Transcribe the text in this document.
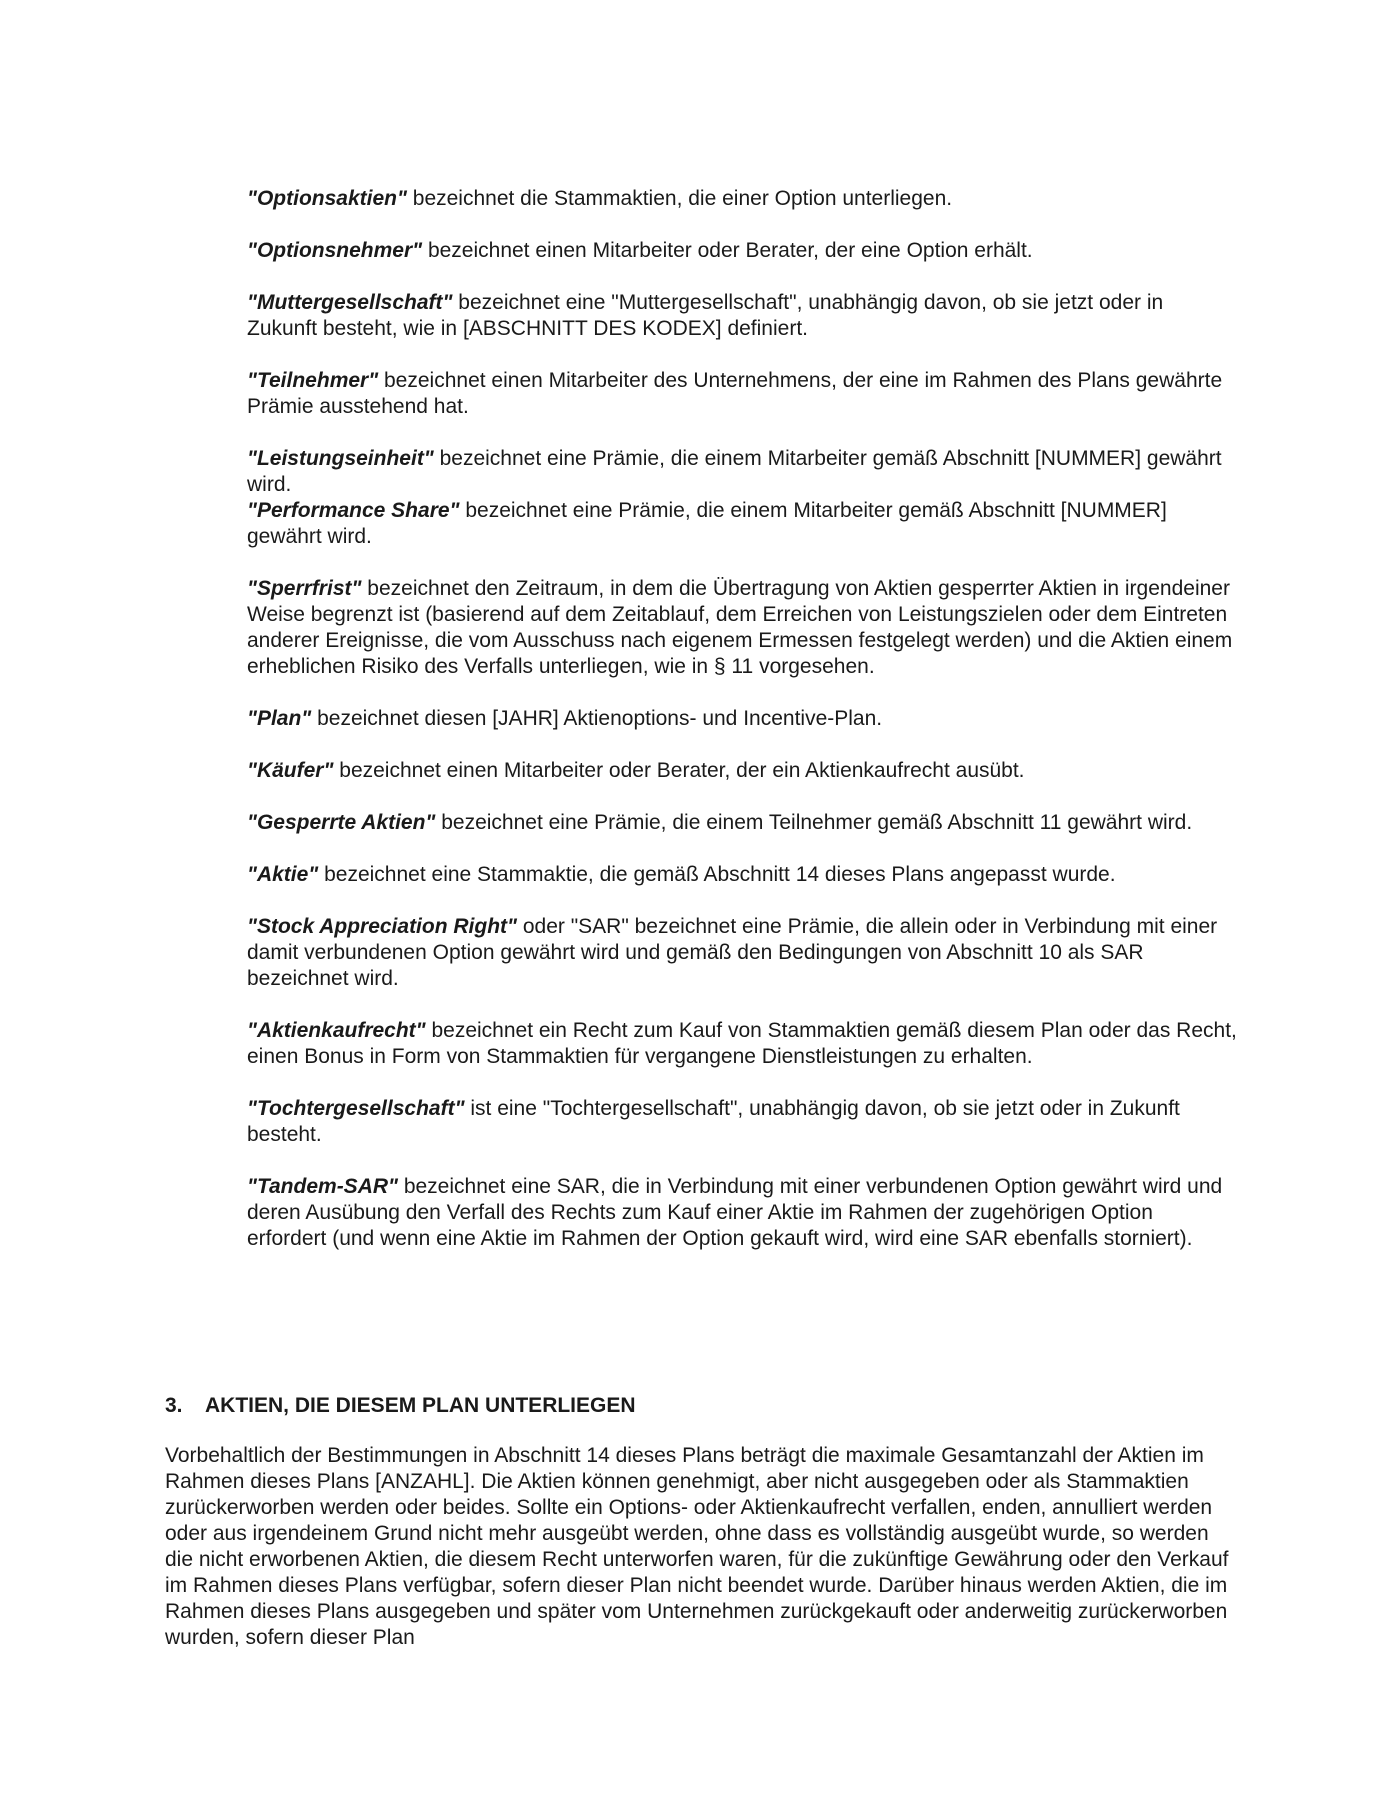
"Optionsaktien" bezeichnet die Stammaktien, die einer Option unterliegen.

"Optionsnehmer" bezeichnet einen Mitarbeiter oder Berater, der eine Option erhält.

"Muttergesellschaft" bezeichnet eine "Muttergesellschaft", unabhängig davon, ob sie jetzt oder in Zukunft besteht, wie in [ABSCHNITT DES KODEX] definiert.

"Teilnehmer" bezeichnet einen Mitarbeiter des Unternehmens, der eine im Rahmen des Plans gewährte Prämie ausstehend hat.

"Leistungseinheit" bezeichnet eine Prämie, die einem Mitarbeiter gemäß Abschnitt [NUMMER] gewährt wird.

"Performance Share" bezeichnet eine Prämie, die einem Mitarbeiter gemäß Abschnitt [NUMMER] gewährt wird.

"Sperrfrist" bezeichnet den Zeitraum, in dem die Übertragung von Aktien gesperrter Aktien in irgendeiner Weise begrenzt ist (basierend auf dem Zeitablauf, dem Erreichen von Leistungszielen oder dem Eintreten anderer Ereignisse, die vom Ausschuss nach eigenem Ermessen festgelegt werden) und die Aktien einem erheblichen Risiko des Verfalls unterliegen, wie in § 11 vorgesehen.

"Plan" bezeichnet diesen [JAHR] Aktienoptions- und Incentive-Plan.

"Käufer" bezeichnet einen Mitarbeiter oder Berater, der ein Aktienkaufrecht ausübt.

"Gesperrte Aktien" bezeichnet eine Prämie, die einem Teilnehmer gemäß Abschnitt 11 gewährt wird.

"Aktie" bezeichnet eine Stammaktie, die gemäß Abschnitt 14 dieses Plans angepasst wurde.

"Stock Appreciation Right" oder "SAR" bezeichnet eine Prämie, die allein oder in Verbindung mit einer damit verbundenen Option gewährt wird und gemäß den Bedingungen von Abschnitt 10 als SAR bezeichnet wird.

"Aktienkaufrecht" bezeichnet ein Recht zum Kauf von Stammaktien gemäß diesem Plan oder das Recht, einen Bonus in Form von Stammaktien für vergangene Dienstleistungen zu erhalten.

"Tochtergesellschaft" ist eine "Tochtergesellschaft", unabhängig davon, ob sie jetzt oder in Zukunft besteht.

"Tandem-SAR" bezeichnet eine SAR, die in Verbindung mit einer verbundenen Option gewährt wird und deren Ausübung den Verfall des Rechts zum Kauf einer Aktie im Rahmen der zugehörigen Option erfordert (und wenn eine Aktie im Rahmen der Option gekauft wird, wird eine SAR ebenfalls storniert).

3. AKTIEN, DIE DIESEM PLAN UNTERLIEGEN

Vorbehaltlich der Bestimmungen in Abschnitt 14 dieses Plans beträgt die maximale Gesamtanzahl der Aktien im Rahmen dieses Plans [ANZAHL]. Die Aktien können genehmigt, aber nicht ausgegeben oder als Stammaktien zurückerworben werden oder beides. Sollte ein Options- oder Aktienkaufrecht verfallen, enden, annulliert werden oder aus irgendeinem Grund nicht mehr ausgeübt werden, ohne dass es vollständig ausgeübt wurde, so werden die nicht erworbenen Aktien, die diesem Recht unterworfen waren, für die zukünftige Gewährung oder den Verkauf im Rahmen dieses Plans verfügbar, sofern dieser Plan nicht beendet wurde. Darüber hinaus werden Aktien, die im Rahmen dieses Plans ausgegeben und später vom Unternehmen zurückgekauft oder anderweitig zurückerworben wurden, sofern dieser Plan
